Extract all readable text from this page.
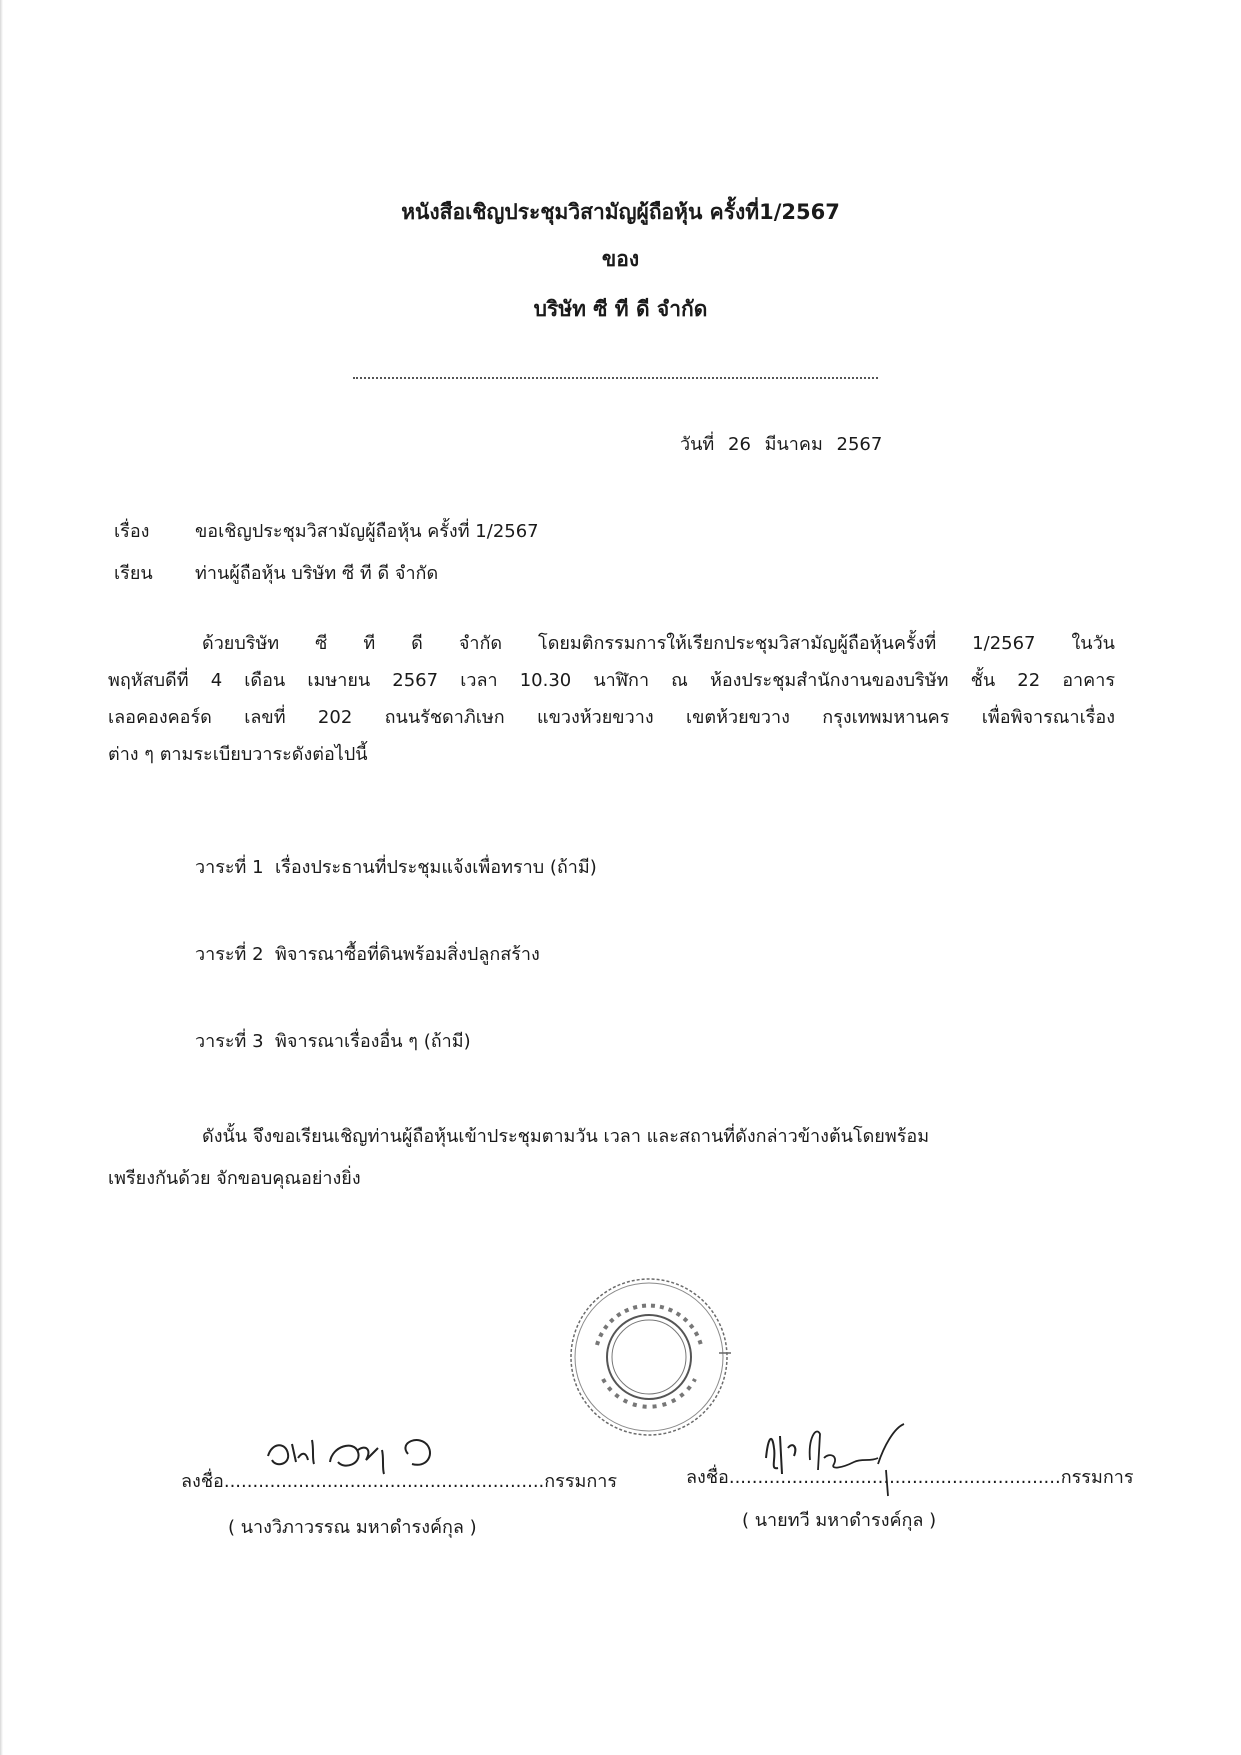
หนังสือเชิญประชุมวิสามัญผู้ถือหุ้น ครั้งที่1/2567
ของ
บริษัท ซี ที ดี จำกัด
วันที่ 26 มีนาคม 2567
เรื่อง	ขอเชิญประชุมวิสามัญผู้ถือหุ้น ครั้งที่ 1/2567
เรียน ท่านผู้ถือหุ้น บริษัท ซี ที ดี จำกัด
ด้วยบริษัท ซี ที ดี จำกัด โดยมติกรรมการให้เรียกประชุมวิสามัญผู้ถือหุ้นครั้งที่ 1/2567 ในวัน
พฤหัสบดีที่ 4 เดือน เมษายน 2567 เวลา 10.30 นาฬิกา ณ ห้องประชุมสำนักงานของบริษัท ชั้น 22 อาคาร
เลอคองคอร์ด เลขที่ 202 ถนนรัชดาภิเษก แขวงห้วยขวาง เขตห้วยขวาง กรุงเทพมหานคร เพื่อพิจารณาเรื่อง
ต่าง ๆ ตามระเบียบวาระดังต่อไปนี้
วาระที่ 1 เรื่องประธานที่ประชุมแจ้งเพื่อทราบ (ถ้ามี)
วาระที่ 2 พิจารณาซื้อที่ดินพร้อมสิ่งปลูกสร้าง
วาระที่ 3 พิจารณาเรื่องอื่น ๆ (ถ้ามี)
ดังนั้น จึงขอเรียนเชิญท่านผู้ถือหุ้นเข้าประชุมตามวัน เวลา และสถานที่ดังกล่าวข้างต้นโดยพร้อม
เพรียงกันด้วย จักขอบคุณอย่างยิ่ง
ลงชื่อ........................................................กรรมการ
( นางวิภาวรรณ มหาดำรงค์กุล )
ลงชื่อ..........................................................กรรมการ
( นายทวี มหาดำรงค์กุล )
